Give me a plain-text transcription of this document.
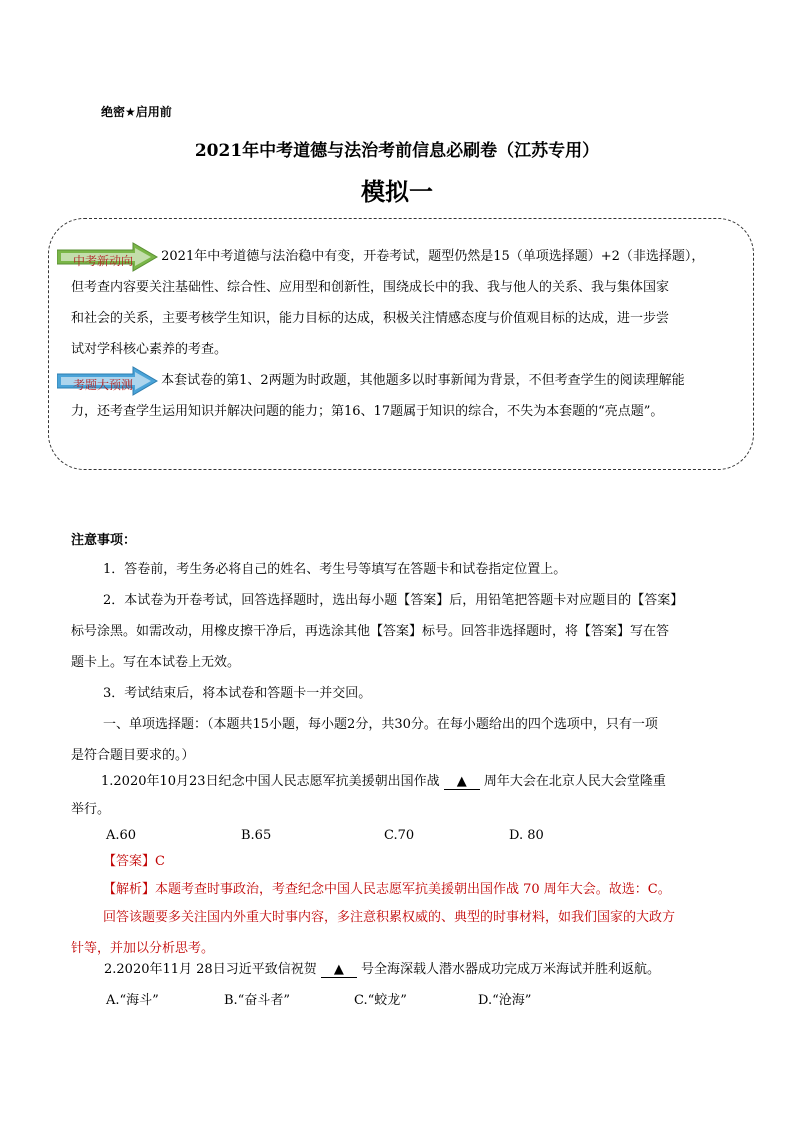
绝密★启用前
2021年中考道德与法治考前信息必刷卷（江苏专用）
模拟一
中考新动向 2021年中考道德与法治稳中有变，开卷考试，题型仍然是15（单项选择题）+2（非选择题），
但考查内容要关注基础性、综合性、应用型和创新性，围绕成长中的我、我与他人的关系、我与集体国家
和社会的关系，主要考核学生知识，能力目标的达成，积极关注情感态度与价值观目标的达成，进一步尝
试对学科核心素养的考查。
考题大预测 本套试卷的第1、2两题为时政题，其他题多以时事新闻为背景，不但考查学生的阅读理解能
力，还考查学生运用知识并解决问题的能力；第16、17题属于知识的综合，不失为本套题的“亮点题”。
注意事项：
1．答卷前，考生务必将自己的姓名、考生号等填写在答题卡和试卷指定位置上。
2．本试卷为开卷考试，回答选择题时，选出每小题【答案】后，用铅笔把答题卡对应题目的【答案】
标号涂黑。如需改动，用橡皮擦干净后，再选涂其他【答案】标号。回答非选择题时，将【答案】写在答
题卡上。写在本试卷上无效。
3．考试结束后，将本试卷和答题卡一并交回。
一、单项选择题：（本题共15小题，每小题2分，共30分。在每小题给出的四个选项中，只有一项
是符合题目要求的。）
1.2020年10月23日纪念中国人民志愿军抗美援朝出国作战 ▲ 周年大会在北京人民大会堂隆重
举行。
A.60	B.65	C.70	D. 80
【答案】C
【解析】本题考查时事政治，考查纪念中国人民志愿军抗美援朝出国作战 70 周年大会。故选：C。
回答该题要多关注国内外重大时事内容，多注意积累权威的、典型的时事材料，如我们国家的大政方
针等，并加以分析思考。
2.2020年11月 28日习近平致信祝贺 ▲ 号全海深载人潜水器成功完成万米海试并胜利返航。
A.“海斗”	B.“奋斗者”	C.“蛟龙”	D.“沧海”
